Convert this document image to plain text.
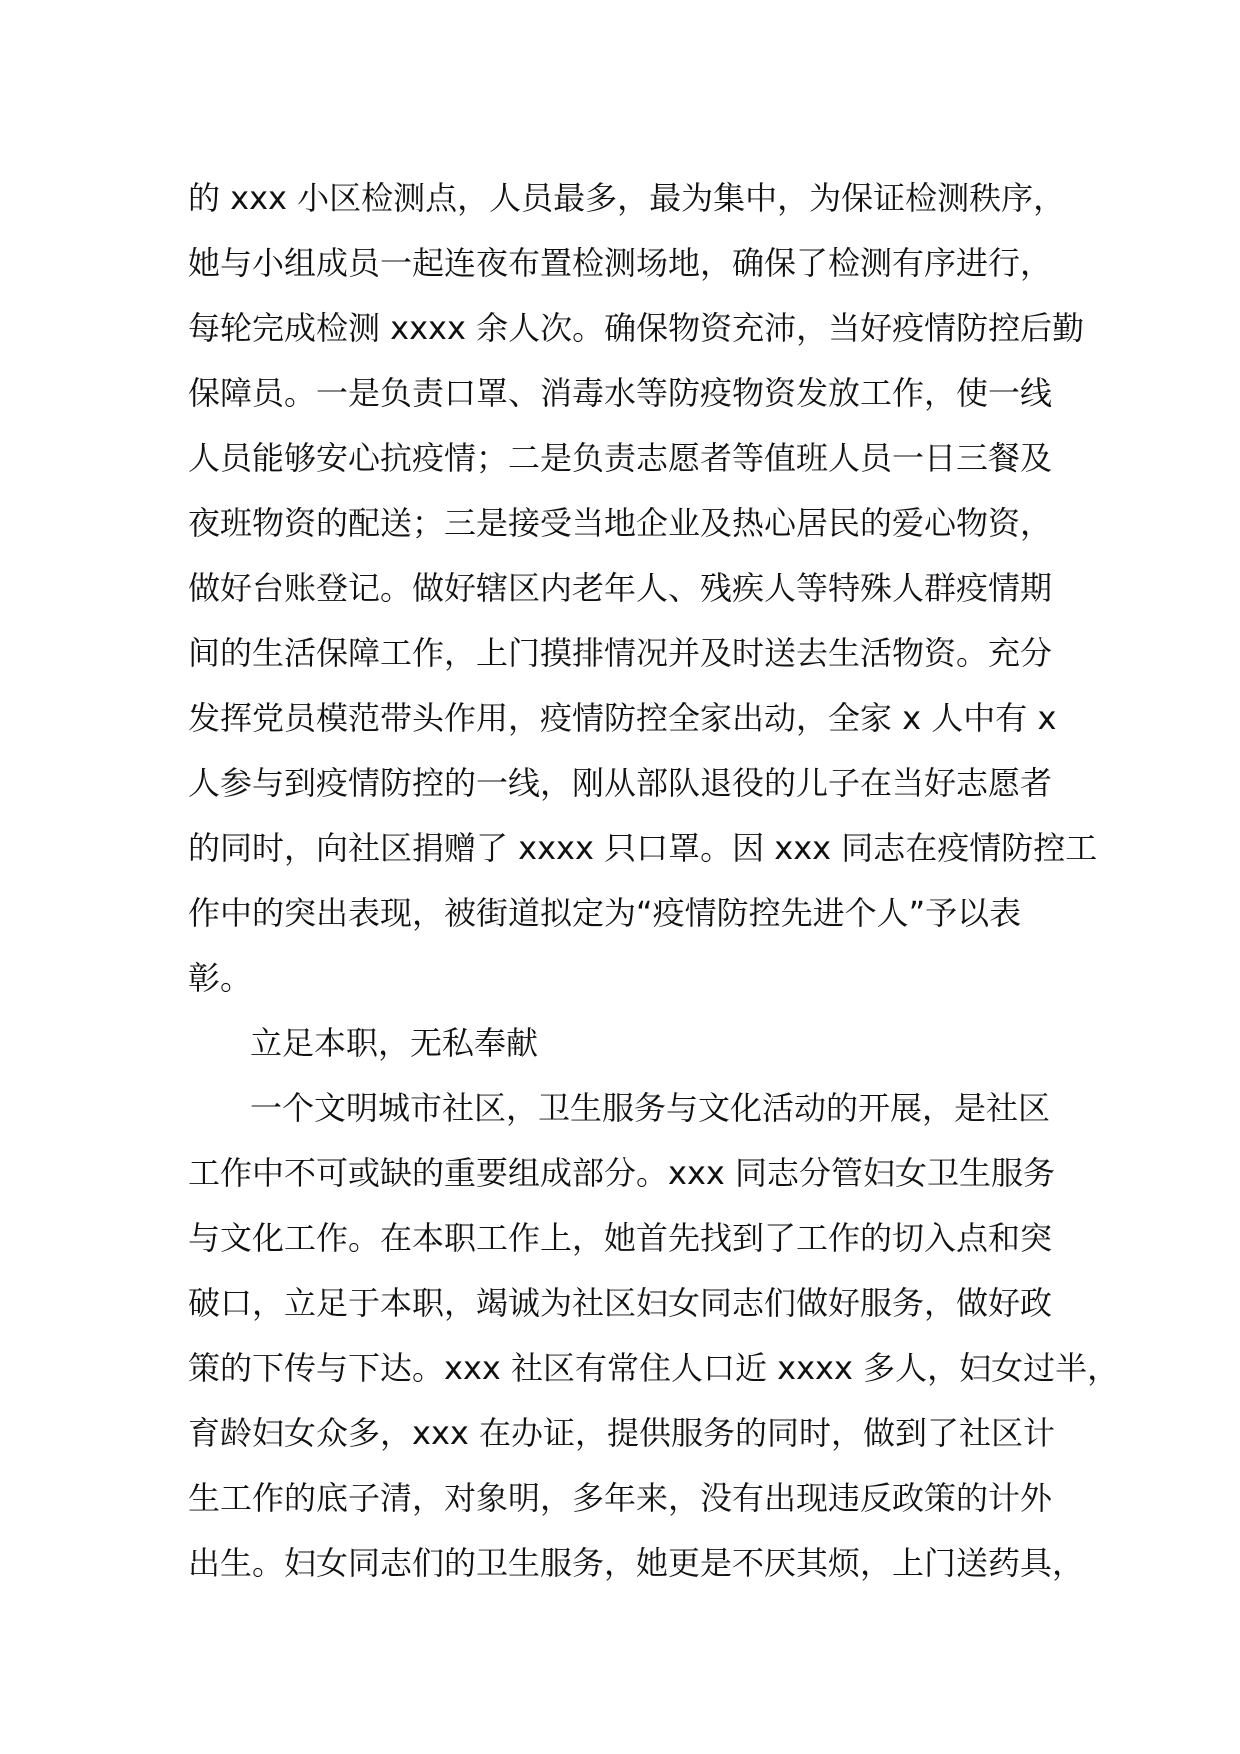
的 xxx 小区检测点，人员最多，最为集中，为保证检测秩序，
她与小组成员一起连夜布置检测场地，确保了检测有序进行，
每轮完成检测 xxxx 余人次。确保物资充沛，当好疫情防控后勤
保障员。一是负责口罩、消毒水等防疫物资发放工作，使一线
人员能够安心抗疫情；二是负责志愿者等值班人员一日三餐及
夜班物资的配送；三是接受当地企业及热心居民的爱心物资，
做好台账登记。做好辖区内老年人、残疾人等特殊人群疫情期
间的生活保障工作，上门摸排情况并及时送去生活物资。充分
发挥党员模范带头作用，疫情防控全家出动，全家 x 人中有 x
人参与到疫情防控的一线，刚从部队退役的儿子在当好志愿者
的同时，向社区捐赠了 xxxx 只口罩。因 xxx 同志在疫情防控工
作中的突出表现，被街道拟定为“疫情防控先进个人”予以表
彰。
立足本职，无私奉献
一个文明城市社区，卫生服务与文化活动的开展，是社区
工作中不可或缺的重要组成部分。xxx 同志分管妇女卫生服务
与文化工作。在本职工作上，她首先找到了工作的切入点和突
破口，立足于本职，竭诚为社区妇女同志们做好服务，做好政
策的下传与下达。xxx 社区有常住人口近 xxxx 多人，妇女过半，
育龄妇女众多，xxx 在办证，提供服务的同时，做到了社区计
生工作的底子清，对象明，多年来，没有出现违反政策的计外
出生。妇女同志们的卫生服务，她更是不厌其烦，上门送药具，
